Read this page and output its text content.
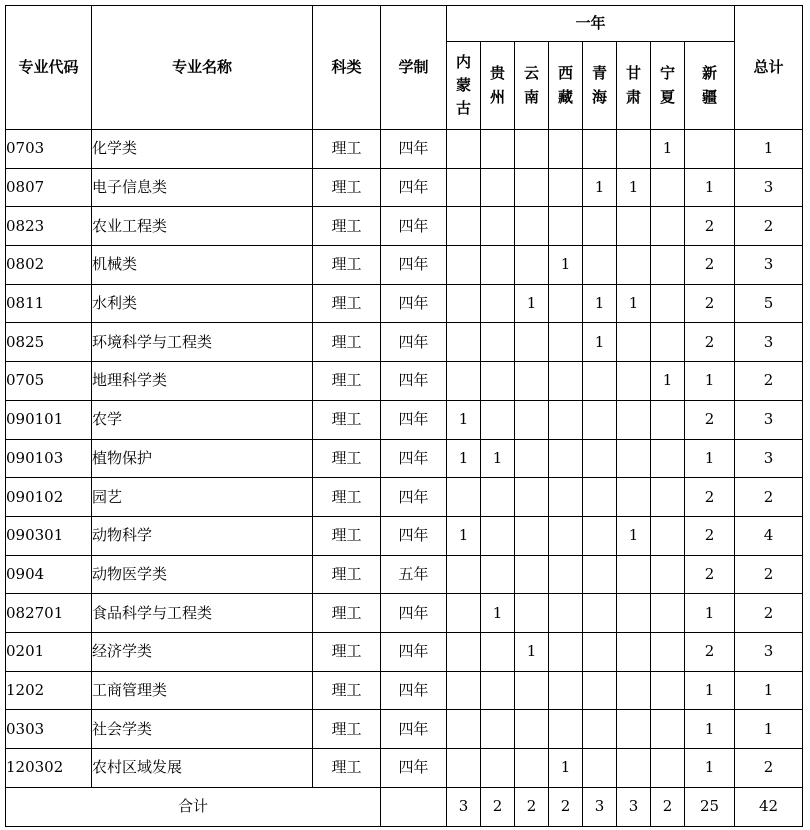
专业代码	专业名称	科类	学制	一年								总计

				内蒙古	贵州	云南	西藏	青海	甘肃	宁夏	新疆	

0703	化学类	理工	四年							1		1
0807	电子信息类	理工	四年					1	1		1	3
0823	农业工程类	理工	四年								2	2
0802	机械类	理工	四年				1				2	3
0811	水利类	理工	四年			1		1	1		2	5
0825	环境科学与工程类	理工	四年					1			2	3
0705	地理科学类	理工	四年							1	1	2
090101	农学	理工	四年	1							2	3
090103	植物保护	理工	四年	1	1						1	3
090102	园艺	理工	四年								2	2
090301	动物科学	理工	四年	1					1		2	4
0904	动物医学类	理工	五年								2	2
082701	食品科学与工程类	理工	四年		1						1	2
0201	经济学类	理工	四年			1					2	3
1202	工商管理类	理工	四年								1	1
0303	社会学类	理工	四年								1	1
120302	农村区域发展	理工	四年				1				1	2
合计				3	2	2	2	3	3	2	25	42
